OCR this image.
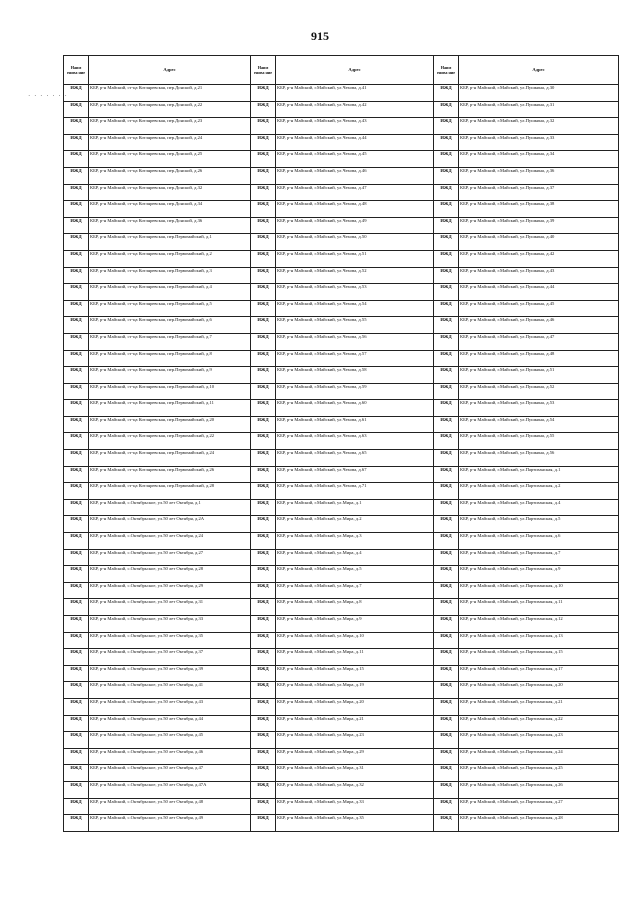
915
· · · · · · ·
Наим енова ние	Адрес	Наим енова ние	Адрес	Наим енова ние	Адрес
ИЖД	КБР, р-н Майский, ст-ца Котляревская, пер.Донской, д.21	ИЖД	КБР, р-н Майский, г.Майский, ул.Чехова, д.41	ИЖД	КБР, р-н Майский, г.Майский, ул.Пушкина, д.30
ИЖД	КБР, р-н Майский, ст-ца Котляревская, пер.Донской, д.22	ИЖД	КБР, р-н Майский, г.Майский, ул.Чехова, д.42	ИЖД	КБР, р-н Майский, г.Майский, ул.Пушкина, д.31
ИЖД	КБР, р-н Майский, ст-ца Котляревская, пер.Донской, д.23	ИЖД	КБР, р-н Майский, г.Майский, ул.Чехова, д.43	ИЖД	КБР, р-н Майский, г.Майский, ул.Пушкина, д.32
ИЖД	КБР, р-н Майский, ст-ца Котляревская, пер.Донской, д.24	ИЖД	КБР, р-н Майский, г.Майский, ул.Чехова, д.44	ИЖД	КБР, р-н Майский, г.Майский, ул.Пушкина, д.33
ИЖД	КБР, р-н Майский, ст-ца Котляревская, пер.Донской, д.25	ИЖД	КБР, р-н Майский, г.Майский, ул.Чехова, д.45	ИЖД	КБР, р-н Майский, г.Майский, ул.Пушкина, д.34
ИЖД	КБР, р-н Майский, ст-ца Котляревская, пер.Донской, д.26	ИЖД	КБР, р-н Майский, г.Майский, ул.Чехова, д.46	ИЖД	КБР, р-н Майский, г.Майский, ул.Пушкина, д.36
ИЖД	КБР, р-н Майский, ст-ца Котляревская, пер.Донской, д.32	ИЖД	КБР, р-н Майский, г.Майский, ул.Чехова, д.47	ИЖД	КБР, р-н Майский, г.Майский, ул.Пушкина, д.37
ИЖД	КБР, р-н Майский, ст-ца Котляревская, пер.Донской, д.34	ИЖД	КБР, р-н Майский, г.Майский, ул.Чехова, д.48	ИЖД	КБР, р-н Майский, г.Майский, ул.Пушкина, д.38
ИЖД	КБР, р-н Майский, ст-ца Котляревская, пер.Донской, д.36	ИЖД	КБР, р-н Майский, г.Майский, ул.Чехова, д.49	ИЖД	КБР, р-н Майский, г.Майский, ул.Пушкина, д.39
ИЖД	КБР, р-н Майский, ст-ца Котляревская, пер.Первомайский, д.1	ИЖД	КБР, р-н Майский, г.Майский, ул.Чехова, д.50	ИЖД	КБР, р-н Майский, г.Майский, ул.Пушкина, д.40
ИЖД	КБР, р-н Майский, ст-ца Котляревская, пер.Первомайский, д.2	ИЖД	КБР, р-н Майский, г.Майский, ул.Чехова, д.51	ИЖД	КБР, р-н Майский, г.Майский, ул.Пушкина, д.42
ИЖД	КБР, р-н Майский, ст-ца Котляревская, пер.Первомайский, д.3	ИЖД	КБР, р-н Майский, г.Майский, ул.Чехова, д.52	ИЖД	КБР, р-н Майский, г.Майский, ул.Пушкина, д.43
ИЖД	КБР, р-н Майский, ст-ца Котляревская, пер.Первомайский, д.4	ИЖД	КБР, р-н Майский, г.Майский, ул.Чехова, д.53	ИЖД	КБР, р-н Майский, г.Майский, ул.Пушкина, д.44
ИЖД	КБР, р-н Майский, ст-ца Котляревская, пер.Первомайский, д.5	ИЖД	КБР, р-н Майский, г.Майский, ул.Чехова, д.54	ИЖД	КБР, р-н Майский, г.Майский, ул.Пушкина, д.45
ИЖД	КБР, р-н Майский, ст-ца Котляревская, пер.Первомайский, д.6	ИЖД	КБР, р-н Майский, г.Майский, ул.Чехова, д.55	ИЖД	КБР, р-н Майский, г.Майский, ул.Пушкина, д.46
ИЖД	КБР, р-н Майский, ст-ца Котляревская, пер.Первомайский, д.7	ИЖД	КБР, р-н Майский, г.Майский, ул.Чехова, д.56	ИЖД	КБР, р-н Майский, г.Майский, ул.Пушкина, д.47
ИЖД	КБР, р-н Майский, ст-ца Котляревская, пер.Первомайский, д.8	ИЖД	КБР, р-н Майский, г.Майский, ул.Чехова, д.57	ИЖД	КБР, р-н Майский, г.Майский, ул.Пушкина, д.48
ИЖД	КБР, р-н Майский, ст-ца Котляревская, пер.Первомайский, д.9	ИЖД	КБР, р-н Майский, г.Майский, ул.Чехова, д.58	ИЖД	КБР, р-н Майский, г.Майский, ул.Пушкина, д.51
ИЖД	КБР, р-н Майский, ст-ца Котляревская, пер.Первомайский, д.10	ИЖД	КБР, р-н Майский, г.Майский, ул.Чехова, д.59	ИЖД	КБР, р-н Майский, г.Майский, ул.Пушкина, д.52
ИЖД	КБР, р-н Майский, ст-ца Котляревская, пер.Первомайский, д.11	ИЖД	КБР, р-н Майский, г.Майский, ул.Чехова, д.60	ИЖД	КБР, р-н Майский, г.Майский, ул.Пушкина, д.53
ИЖД	КБР, р-н Майский, ст-ца Котляревская, пер.Первомайский, д.20	ИЖД	КБР, р-н Майский, г.Майский, ул.Чехова, д.61	ИЖД	КБР, р-н Майский, г.Майский, ул.Пушкина, д.54
ИЖД	КБР, р-н Майский, ст-ца Котляревская, пер.Первомайский, д.22	ИЖД	КБР, р-н Майский, г.Майский, ул.Чехова, д.63	ИЖД	КБР, р-н Майский, г.Майский, ул.Пушкина, д.55
ИЖД	КБР, р-н Майский, ст-ца Котляревская, пер.Первомайский, д.24	ИЖД	КБР, р-н Майский, г.Майский, ул.Чехова, д.65	ИЖД	КБР, р-н Майский, г.Майский, ул.Пушкина, д.56
ИЖД	КБР, р-н Майский, ст-ца Котляревская, пер.Первомайский, д.26	ИЖД	КБР, р-н Майский, г.Майский, ул.Чехова, д.67	ИЖД	КБР, р-н Майский, г.Майский, ул.Партизанская, д.1
ИЖД	КБР, р-н Майский, ст-ца Котляревская, пер.Первомайский, д.28	ИЖД	КБР, р-н Майский, г.Майский, ул.Чехова, д.71	ИЖД	КБР, р-н Майский, г.Майский, ул.Партизанская, д.2
ИЖД	КБР, р-н Майский, с.Октябрьское, ул.50 лет Октября, д.1	ИЖД	КБР, р-н Майский, г.Майский, ул.Мира, д.1	ИЖД	КБР, р-н Майский, г.Майский, ул.Партизанская, д.4
ИЖД	КБР, р-н Майский, с.Октябрьское, ул.50 лет Октября, д.2А	ИЖД	КБР, р-н Майский, г.Майский, ул.Мира, д.2	ИЖД	КБР, р-н Майский, г.Майский, ул.Партизанская, д.5
ИЖД	КБР, р-н Майский, с.Октябрьское, ул.50 лет Октября, д.24	ИЖД	КБР, р-н Майский, г.Майский, ул.Мира, д.3	ИЖД	КБР, р-н Майский, г.Майский, ул.Партизанская, д.6
ИЖД	КБР, р-н Майский, с.Октябрьское, ул.50 лет Октября, д.27	ИЖД	КБР, р-н Майский, г.Майский, ул.Мира, д.4	ИЖД	КБР, р-н Майский, г.Майский, ул.Партизанская, д.7
ИЖД	КБР, р-н Майский, с.Октябрьское, ул.50 лет Октября, д.28	ИЖД	КБР, р-н Майский, г.Майский, ул.Мира, д.5	ИЖД	КБР, р-н Майский, г.Майский, ул.Партизанская, д.9
ИЖД	КБР, р-н Майский, с.Октябрьское, ул.50 лет Октября, д.29	ИЖД	КБР, р-н Майский, г.Майский, ул.Мира, д.7	ИЖД	КБР, р-н Майский, г.Майский, ул.Партизанская, д.10
ИЖД	КБР, р-н Майский, с.Октябрьское, ул.50 лет Октября, д.31	ИЖД	КБР, р-н Майский, г.Майский, ул.Мира, д.8	ИЖД	КБР, р-н Майский, г.Майский, ул.Партизанская, д.11
ИЖД	КБР, р-н Майский, с.Октябрьское, ул.50 лет Октября, д.33	ИЖД	КБР, р-н Майский, г.Майский, ул.Мира, д.9	ИЖД	КБР, р-н Майский, г.Майский, ул.Партизанская, д.12
ИЖД	КБР, р-н Майский, с.Октябрьское, ул.50 лет Октября, д.35	ИЖД	КБР, р-н Майский, г.Майский, ул.Мира, д.10	ИЖД	КБР, р-н Майский, г.Майский, ул.Партизанская, д.13
ИЖД	КБР, р-н Майский, с.Октябрьское, ул.50 лет Октября, д.37	ИЖД	КБР, р-н Майский, г.Майский, ул.Мира, д.11	ИЖД	КБР, р-н Майский, г.Майский, ул.Партизанская, д.15
ИЖД	КБР, р-н Майский, с.Октябрьское, ул.50 лет Октября, д.39	ИЖД	КБР, р-н Майский, г.Майский, ул.Мира, д.15	ИЖД	КБР, р-н Майский, г.Майский, ул.Партизанская, д.17
ИЖД	КБР, р-н Майский, с.Октябрьское, ул.50 лет Октября, д.41	ИЖД	КБР, р-н Майский, г.Майский, ул.Мира, д.19	ИЖД	КБР, р-н Майский, г.Майский, ул.Партизанская, д.20
ИЖД	КБР, р-н Майский, с.Октябрьское, ул.50 лет Октября, д.43	ИЖД	КБР, р-н Майский, г.Майский, ул.Мира, д.20	ИЖД	КБР, р-н Майский, г.Майский, ул.Партизанская, д.21
ИЖД	КБР, р-н Майский, с.Октябрьское, ул.50 лет Октября, д.44	ИЖД	КБР, р-н Майский, г.Майский, ул.Мира, д.21	ИЖД	КБР, р-н Майский, г.Майский, ул.Партизанская, д.22
ИЖД	КБР, р-н Майский, с.Октябрьское, ул.50 лет Октября, д.45	ИЖД	КБР, р-н Майский, г.Майский, ул.Мира, д.23	ИЖД	КБР, р-н Майский, г.Майский, ул.Партизанская, д.23
ИЖД	КБР, р-н Майский, с.Октябрьское, ул.50 лет Октября, д.46	ИЖД	КБР, р-н Майский, г.Майский, ул.Мира, д.29	ИЖД	КБР, р-н Майский, г.Майский, ул.Партизанская, д.24
ИЖД	КБР, р-н Майский, с.Октябрьское, ул.50 лет Октября, д.47	ИЖД	КБР, р-н Майский, г.Майский, ул.Мира, д.31	ИЖД	КБР, р-н Майский, г.Майский, ул.Партизанская, д.25
ИЖД	КБР, р-н Майский, с.Октябрьское, ул.50 лет Октября, д.47А	ИЖД	КБР, р-н Майский, г.Майский, ул.Мира, д.32	ИЖД	КБР, р-н Майский, г.Майский, ул.Партизанская, д.26
ИЖД	КБР, р-н Майский, с.Октябрьское, ул.50 лет Октября, д.48	ИЖД	КБР, р-н Майский, г.Майский, ул.Мира, д.33	ИЖД	КБР, р-н Майский, г.Майский, ул.Партизанская, д.27
ИЖД	КБР, р-н Майский, с.Октябрьское, ул.50 лет Октября, д.49	ИЖД	КБР, р-н Майский, г.Майский, ул.Мира, д.35	ИЖД	КБР, р-н Майский, г.Майский, ул.Партизанская, д.28
